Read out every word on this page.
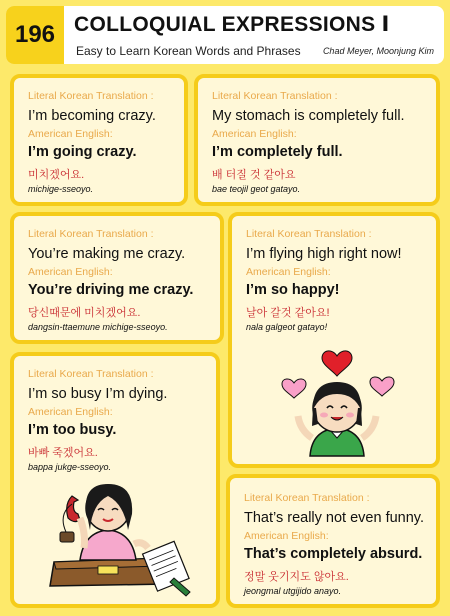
196 COLLOQUIAL EXPRESSIONS Ⅰ
Easy to Learn Korean Words and Phrases Chad Meyer, Moonjung Kim
Literal Korean Translation :
I’m becoming crazy.
American English:
I’m going crazy.
미치겠어요.
michige-sseoyo.
Literal Korean Translation :
My stomach is completely full.
American English:
I’m completely full.
배 터질 것 같아요
bae teojil geot gatayo.
Literal Korean Translation :
You’re making me crazy.
American English:
You’re driving me crazy.
당신때문에 미치겠어요.
dangsin-ttaemune michige-sseoyo.
Literal Korean Translation :
I’m flying high right now!
American English:
I’m so happy!
날아 갈것 같아요!
nala galgeot gatayo!
Literal Korean Translation :
I’m so busy I’m dying.
American English:
I’m too busy.
바빠 죽겠어요.
bappa jukge-sseoyo.
Literal Korean Translation :
That’s really not even funny.
American English:
That’s completely absurd.
정말 웃기지도 않아요.
jeongmal utgijido anayo.
